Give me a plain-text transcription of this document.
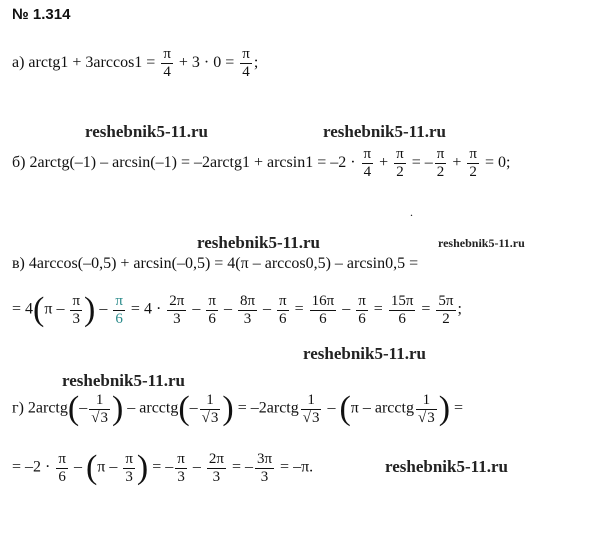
№ 1.314
а) arctg1 + $3\arccos 1 = \frac{\pi}{4} + 3 \cdot 0 = \frac{\pi}{4}$ ;
reshebnik5-11.ru	reshebnik5-11.ru
б) 2arctg(–1) – arcsin(–1) = –2arctg1 + $\arcsin 1 = -2 \cdot \frac{\pi}{4} + \frac{\pi}{2}$ = – $\frac{\pi}{2} + \frac{\pi}{2} = 0$;
.
reshebnik5-11.ru	reshebnik5-11.ru
в) 4arccos(–0,5) + arcsin(–0,5) = 4(π – arccos0,5) – arcsin0,5 =
= $4(\pi - \frac{\pi}{3}$ ) – $\frac{\pi}{6} = 4 \cdot \frac{2\pi}{3} - \frac{\pi}{6} - \frac{8\pi}{3} - \frac{\pi}{6} = \frac{16\pi}{6} - \frac{\pi}{6} = \frac{15\pi}{6} = \frac{5\pi}{2}$ ;
reshebnik5-11.ru
reshebnik5-11.ru
г) 2arctg(– $\frac{1}{√3}$ ) – arcctg(– $\frac{1}{√3}$ ) = –2arctg $\frac{1}{√3} - (\pi$ – arcctg $\frac{1}{√3}$ ) =
= $-2 \cdot \frac{\pi}{6} - (\pi - \frac{\pi}{3}$ ) = – $\frac{\pi}{3} - \frac{2\pi}{3}$ = – $\frac{3\pi}{3} = -\pi$.	reshebnik5-11.ru
